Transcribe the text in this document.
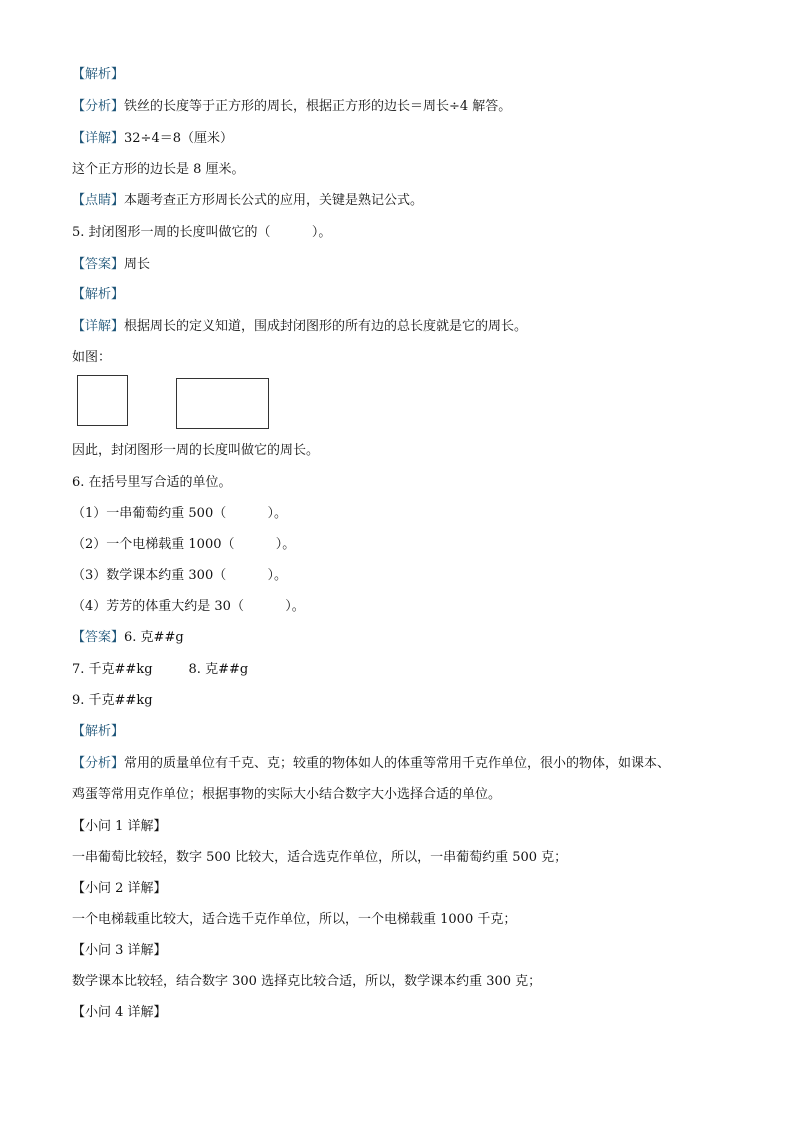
【解析】
【分析】铁丝的长度等于正方形的周长，根据正方形的边长＝周长÷4 解答。
【详解】32÷4＝8（厘米）
这个正方形的边长是 8 厘米。
【点睛】本题考查正方形周长公式的应用，关键是熟记公式。
5. 封闭图形一周的长度叫做它的（          ）。
【答案】周长
【解析】
【详解】根据周长的定义知道，围成封闭图形的所有边的总长度就是它的周长。
如图：
因此，封闭图形一周的长度叫做它的周长。
6. 在括号里写合适的单位。
（1）一串葡萄约重 500（          ）。
（2）一个电梯载重 1000（          ）。
（3）数学课本约重 300（          ）。
（4）芳芳的体重大约是 30（          ）。
【答案】6. 克##g
7. 千克##kg	8. 克##g
9. 千克##kg
【解析】
【分析】常用的质量单位有千克、克；较重的物体如人的体重等常用千克作单位，很小的物体，如课本、
鸡蛋等常用克作单位；根据事物的实际大小结合数字大小选择合适的单位。
【小问 1 详解】
一串葡萄比较轻，数字 500 比较大，适合选克作单位，所以，一串葡萄约重 500 克；
【小问 2 详解】
一个电梯载重比较大，适合选千克作单位，所以，一个电梯载重 1000 千克；
【小问 3 详解】
数学课本比较轻，结合数字 300 选择克比较合适，所以，数学课本约重 300 克；
【小问 4 详解】
